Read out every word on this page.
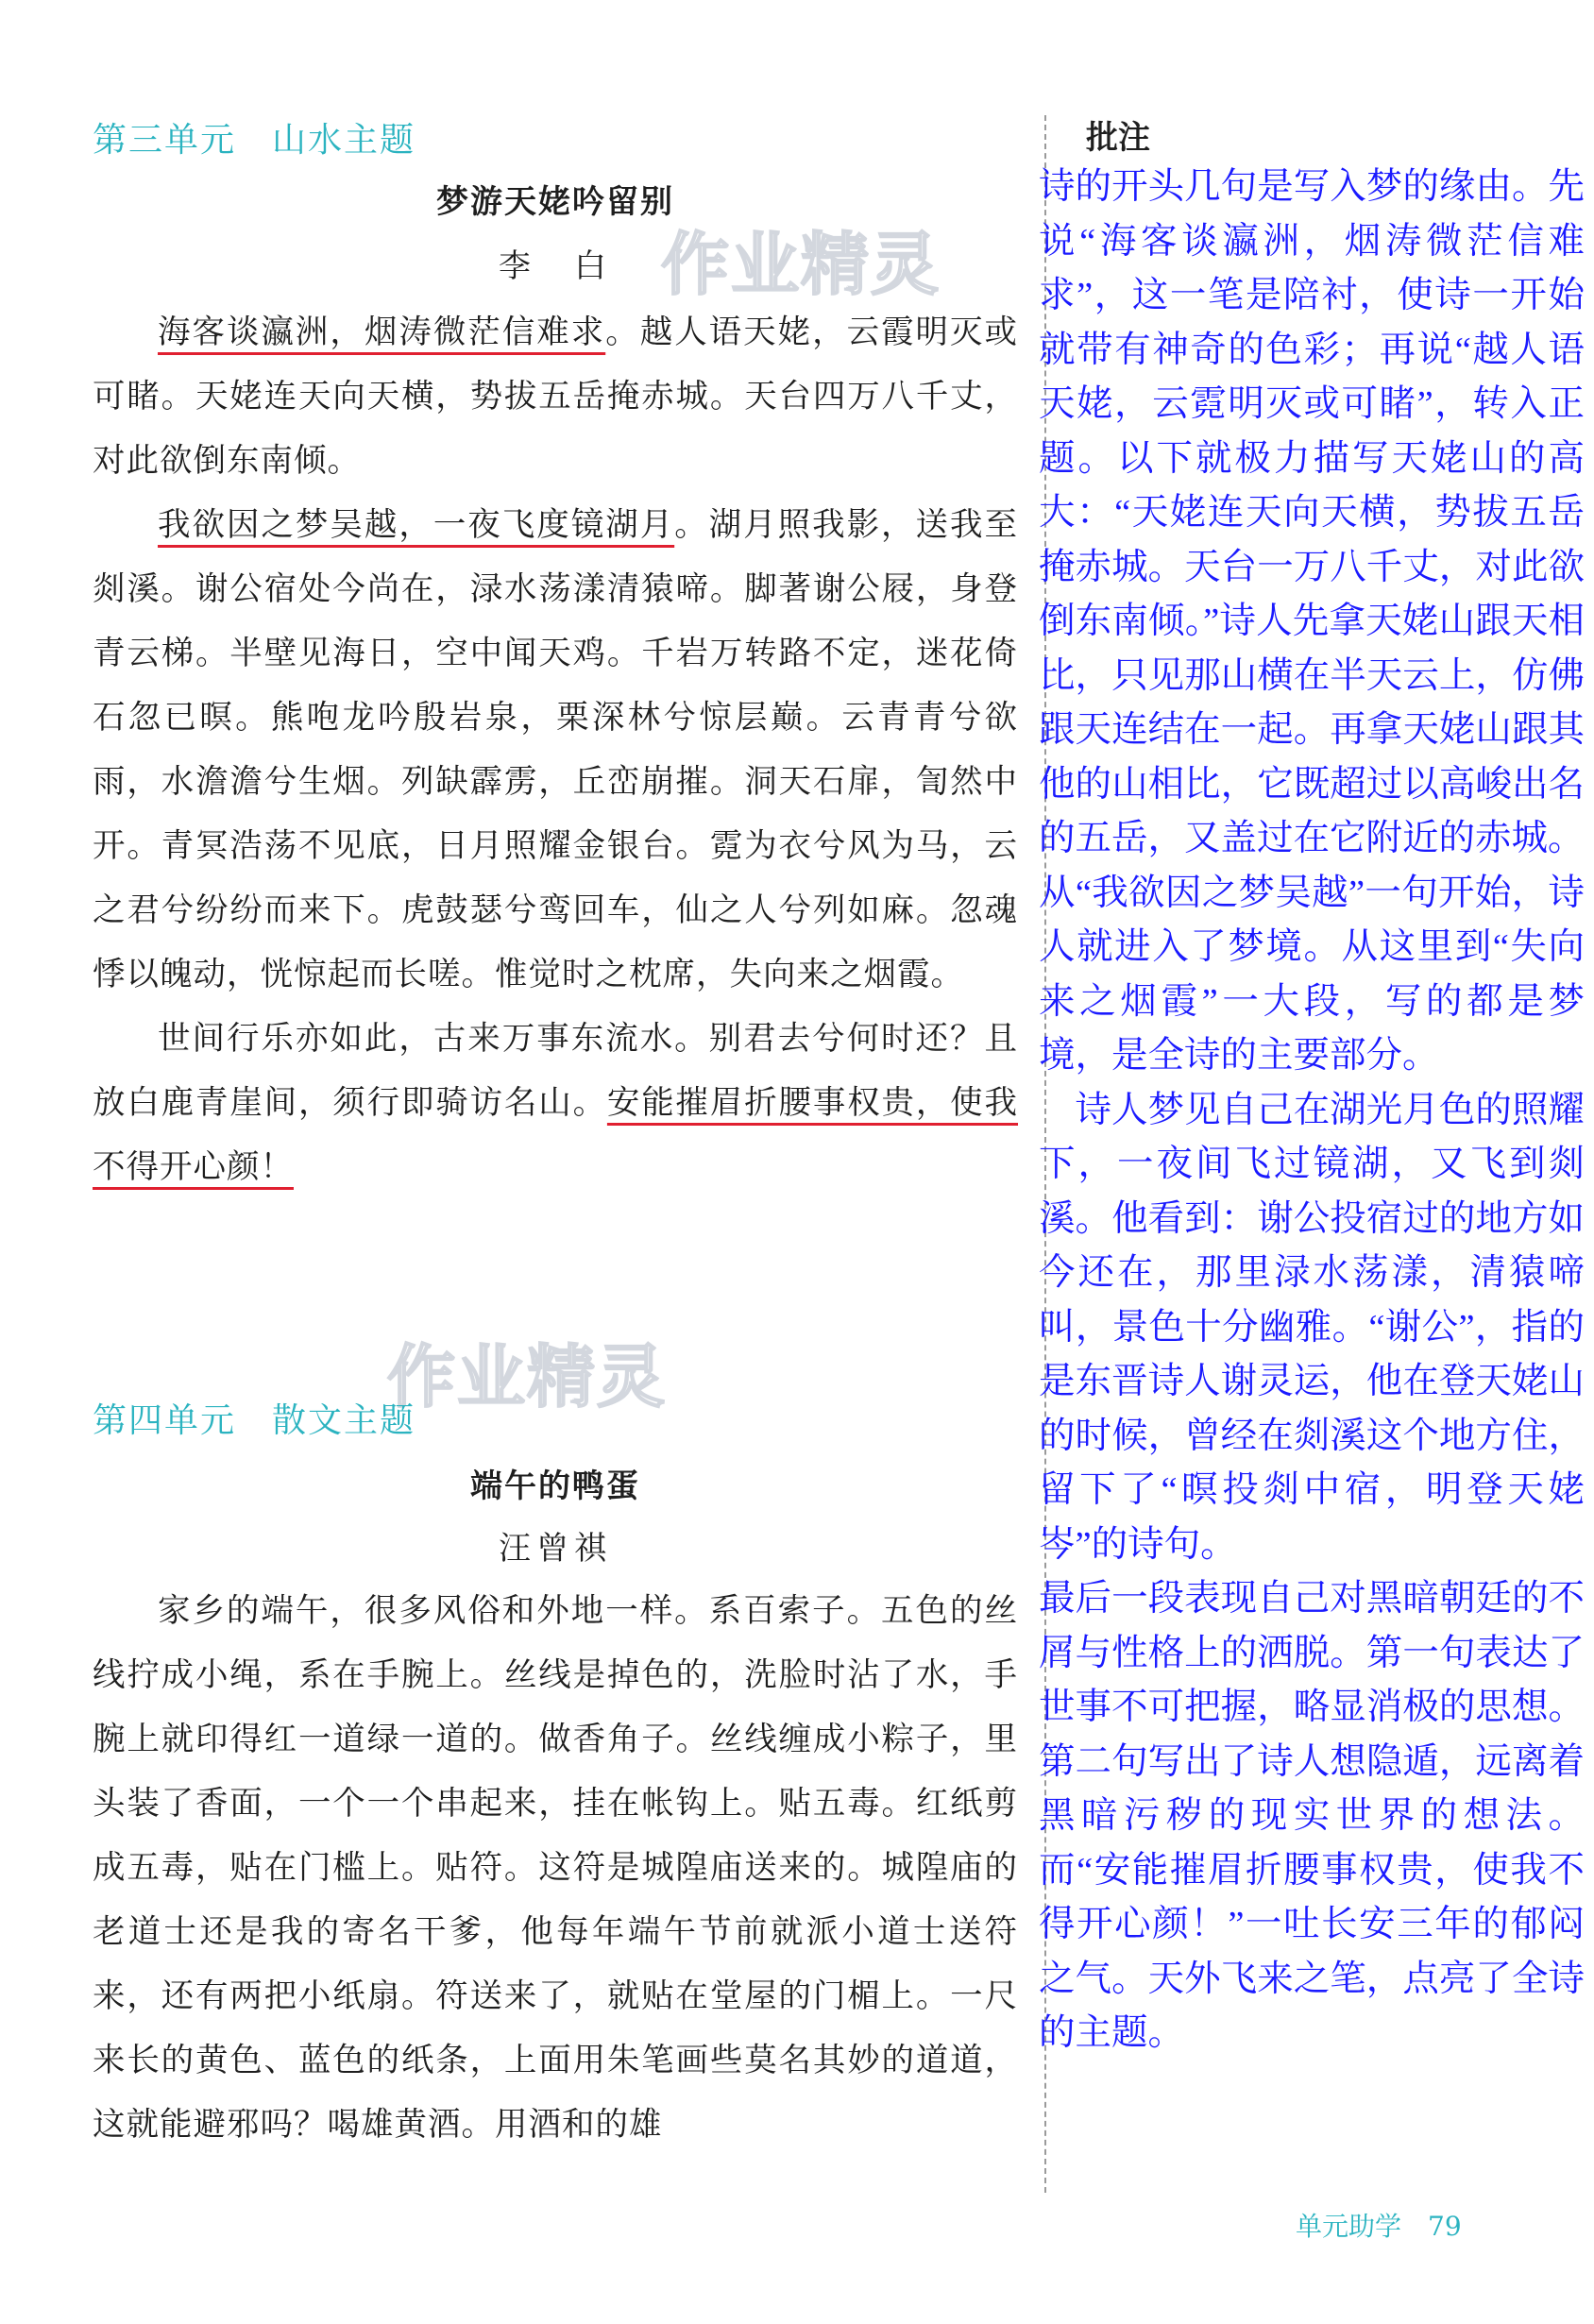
第三单元　山水主题
梦游天姥吟留别
李　白

海客谈瀛洲，烟涛微茫信难求。越人语天姥，云霞明灭或可睹。天姥连天向天横，势拔五岳掩赤城。天台四万八千丈，对此欲倒东南倾。

我欲因之梦吴越，一夜飞度镜湖月。湖月照我影，送我至剡溪。谢公宿处今尚在，渌水荡漾清猿啼。脚著谢公屐，身登青云梯。半壁见海日，空中闻天鸡。千岩万转路不定，迷花倚石忽已暝。熊咆龙吟殷岩泉，栗深林兮惊层巅。云青青兮欲雨，水澹澹兮生烟。列缺霹雳，丘峦崩摧。洞天石扉，訇然中开。青冥浩荡不见底，日月照耀金银台。霓为衣兮风为马，云之君兮纷纷而来下。虎鼓瑟兮鸾回车，仙之人兮列如麻。忽魂悸以魄动，恍惊起而长嗟。惟觉时之枕席，失向来之烟霞。

世间行乐亦如此，古来万事东流水。别君去兮何时还？且放白鹿青崖间，须行即骑访名山。安能摧眉折腰事权贵，使我不得开心颜！

作业精灵
作业精灵
第四单元　散文主题
端午的鸭蛋
汪曾祺

家乡的端午，很多风俗和外地一样。系百索子。五色的丝线拧成小绳，系在手腕上。丝线是掉色的，洗脸时沾了水，手腕上就印得红一道绿一道的。做香角子。丝线缠成小粽子，里头装了香面，一个一个串起来，挂在帐钩上。贴五毒。红纸剪成五毒，贴在门槛上。贴符。这符是城隍庙送来的。城隍庙的老道士还是我的寄名干爹，他每年端午节前就派小道士送符来，还有两把小纸扇。符送来了，就贴在堂屋的门楣上。一尺来长的黄色、蓝色的纸条，上面用朱笔画些莫名其妙的道道，这就能避邪吗？喝雄黄酒。用酒和的雄

批注

诗的开头几句是写入梦的缘由。先说“海客谈瀛洲，烟涛微茫信难求”，这一笔是陪衬，使诗一开始就带有神奇的色彩；再说“越人语天姥，云霓明灭或可睹”，转入正题。以下就极力描写天姥山的高大：“天姥连天向天横，势拔五岳掩赤城。天台一万八千丈，对此欲倒东南倾。”诗人先拿天姥山跟天相比，只见那山横在半天云上，仿佛跟天连结在一起。再拿天姥山跟其他的山相比，它既超过以高峻出名的五岳，又盖过在它附近的赤城。

从“我欲因之梦吴越”一句开始，诗人就进入了梦境。从这里到“失向来之烟霞”一大段，写的都是梦境，是全诗的主要部分。

诗人梦见自己在湖光月色的照耀下，一夜间飞过镜湖，又飞到剡溪。他看到：谢公投宿过的地方如今还在，那里渌水荡漾，清猿啼叫，景色十分幽雅。“谢公”，指的是东晋诗人谢灵运，他在登天姥山的时候，曾经在剡溪这个地方住，留下了“暝投剡中宿，明登天姥岑”的诗句。

最后一段表现自己对黑暗朝廷的不屑与性格上的洒脱。第一句表达了世事不可把握，略显消极的思想。第二句写出了诗人想隐遁，远离着黑暗污秽的现实世界的想法。而“安能摧眉折腰事权贵，使我不得开心颜！”一吐长安三年的郁闷之气。天外飞来之笔，点亮了全诗的主题。

单元助学　79
